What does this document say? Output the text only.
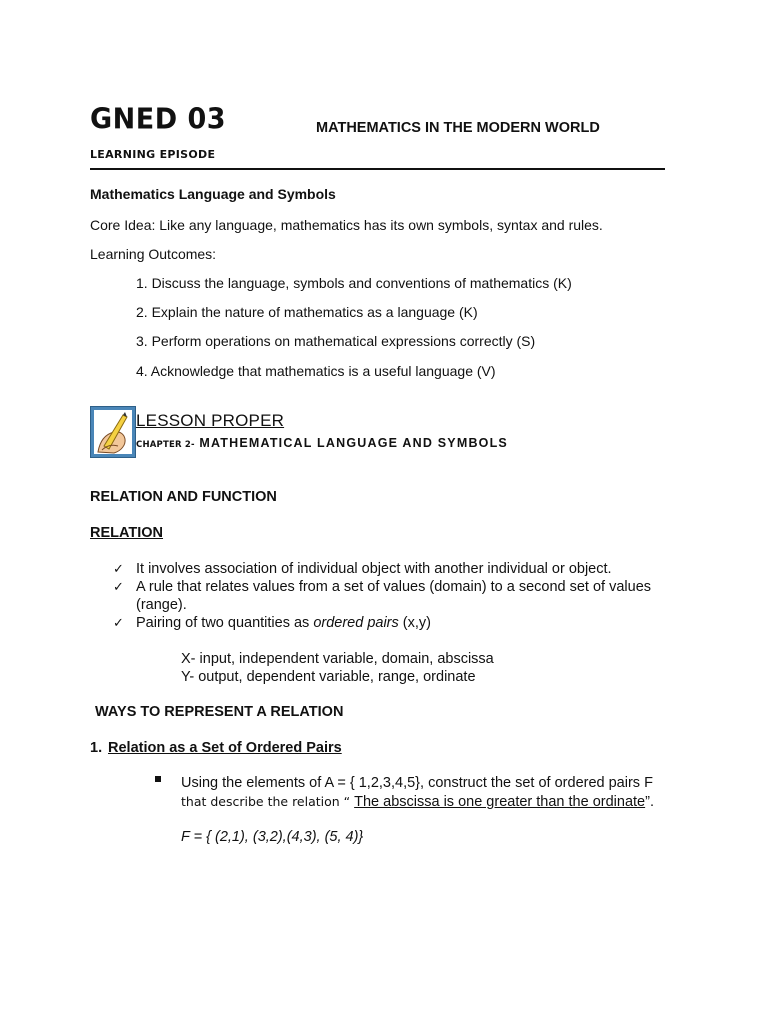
GNED 03	MATHEMATICS IN THE MODERN WORLD
LEARNING EPISODE
Mathematics Language and Symbols
Core Idea: Like any language, mathematics has its own symbols, syntax and rules.
Learning Outcomes:
1. Discuss the language, symbols and conventions of mathematics (K)
2. Explain the nature of mathematics as a language (K)
3. Perform operations on mathematical expressions correctly (S)
4. Acknowledge that mathematics is a useful language (V)
LESSON PROPER
CHAPTER 2- MATHEMATICAL LANGUAGE AND SYMBOLS
RELATION AND FUNCTION
RELATION
✓ It involves association of individual object with another individual or object.
✓ A rule that relates values from a set of values (domain) to a second set of values
(range).
✓ Pairing of two quantities as ordered pairs (x,y)
X- input, independent variable, domain, abscissa
Y- output, dependent variable, range, ordinate
WAYS TO REPRESENT A RELATION
1. Relation as a Set of Ordered Pairs
Using the elements of A = { 1,2,3,4,5}, construct the set of ordered pairs F
that describe the relation “ The abscissa is one greater than the ordinate”.
F = { (2,1), (3,2),(4,3), (5, 4)}
